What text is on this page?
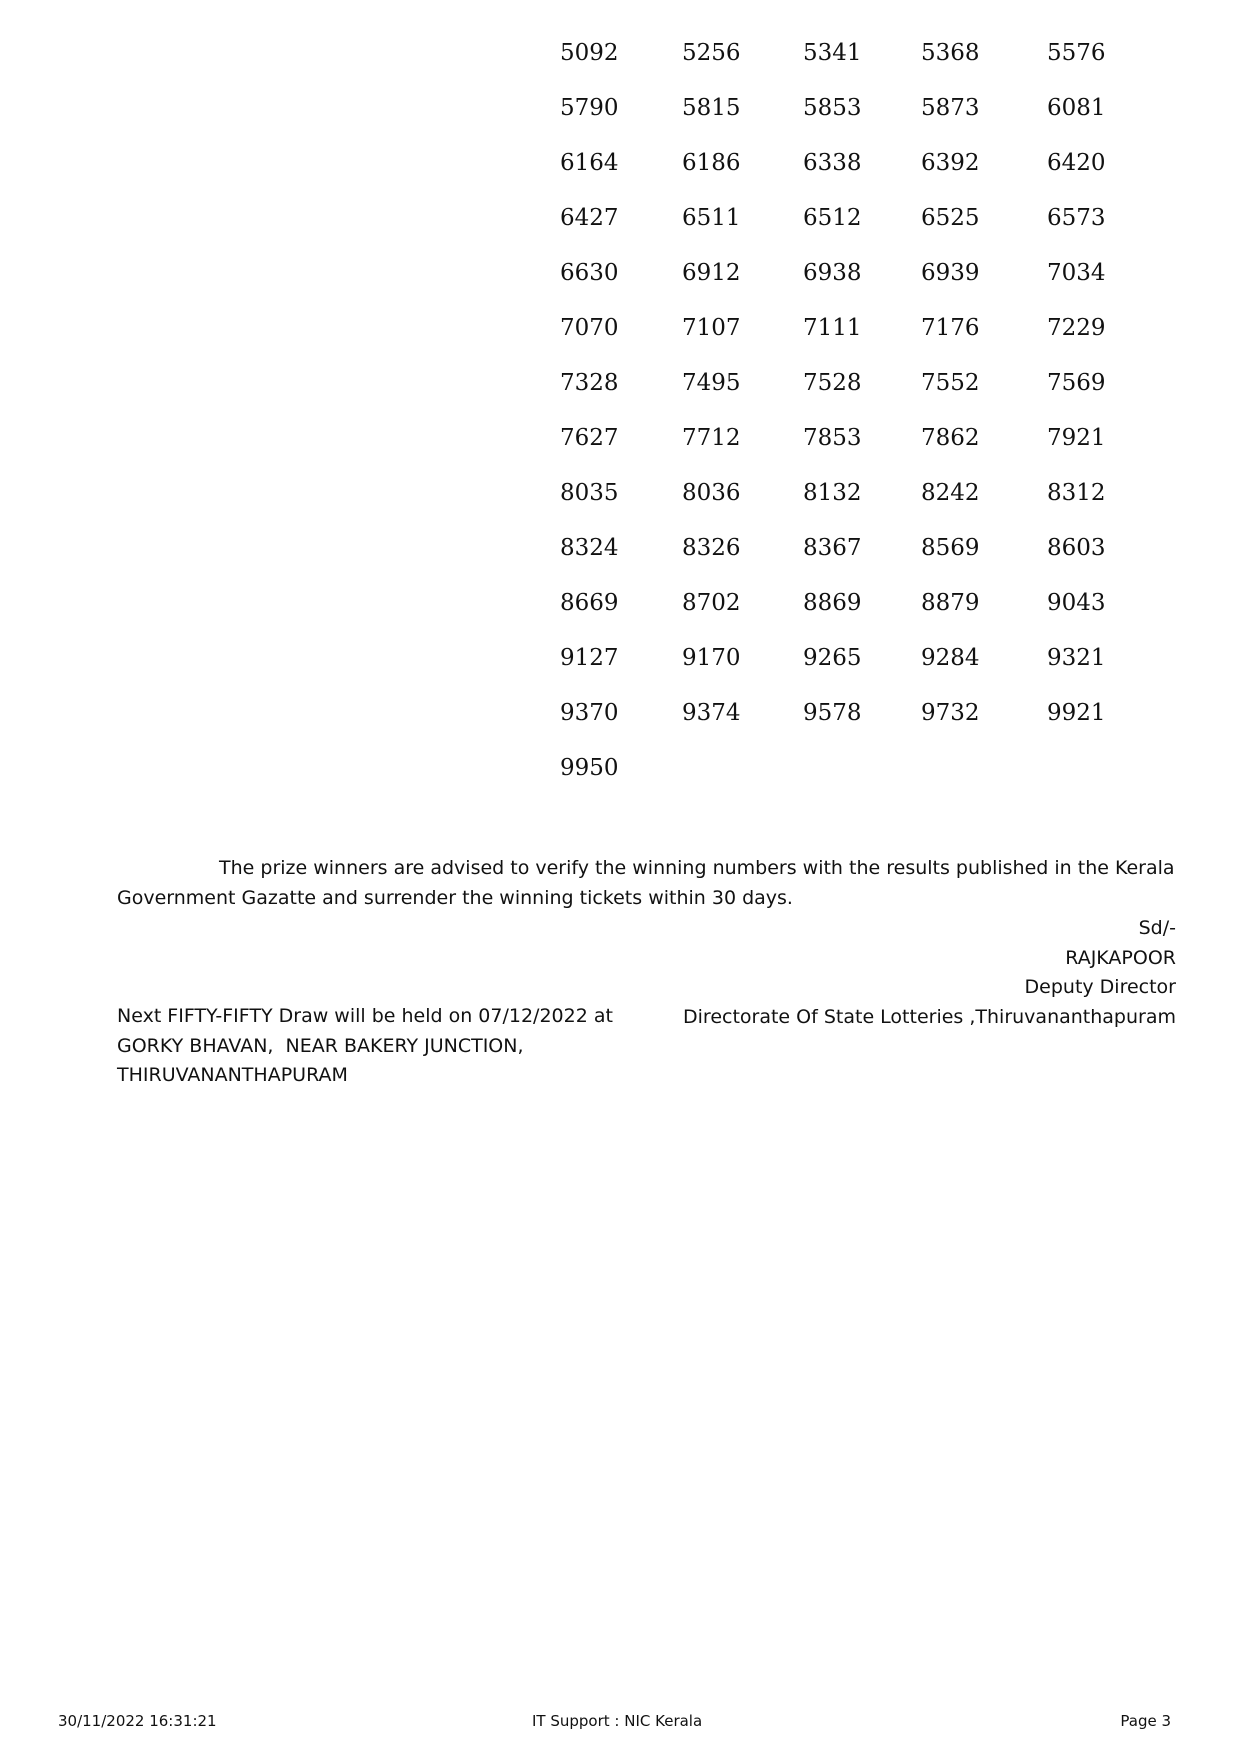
5092	5256	5341	5368	5576
5790	5815	5853	5873	6081
6164	6186	6338	6392	6420
6427	6511	6512	6525	6573
6630	6912	6938	6939	7034
7070	7107	7111	7176	7229
7328	7495	7528	7552	7569
7627	7712	7853	7862	7921
8035	8036	8132	8242	8312
8324	8326	8367	8569	8603
8669	8702	8869	8879	9043
9127	9170	9265	9284	9321
9370	9374	9578	9732	9921
9950
The prize winners are advised to verify the winning numbers with the results published in the Kerala Government Gazatte and surrender the winning tickets within 30 days.
Sd/-
RAJKAPOOR
Deputy Director
Directorate Of State Lotteries ,Thiruvananthapuram
Next FIFTY-FIFTY Draw will be held on 07/12/2022 at
GORKY BHAVAN,  NEAR BAKERY JUNCTION,
THIRUVANANTHAPURAM
30/11/2022 16:31:21	IT Support : NIC Kerala	Page 3
